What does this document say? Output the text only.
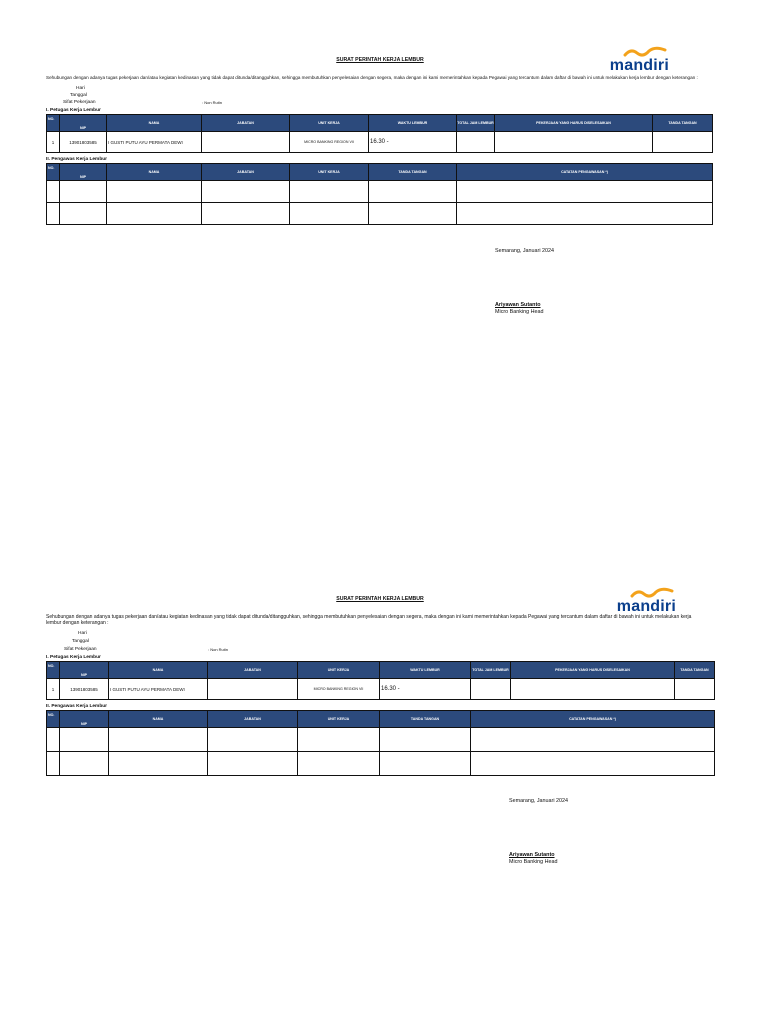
mandiri
SURAT PERINTAH KERJA LEMBUR
Sehubungan dengan adanya tugas pekerjaan dan/atau kegiatan kedinasan yang tidak dapat ditunda/ditangguhkan, sehingga membutuhkan penyelesaian dengan segera, maka dengan ini kami memerintahkan kepada Pegawai yang tercantum dalam daftar di bawah ini untuk melakukan kerja lembur dengan keterangan :
Hari
Tanggal
Sifat Pekerjaan	: Non Rutin
I. Petugas Kerja Lembur
NO.	NIP	NAMA	JABATAN	UNIT KERJA	WAKTU LEMBUR	TOTAL JAM LEMBUR	PEKERJAAN YANG HARUS DISELESAIKAN	TANDA TANGAN
1	13901803585	I GUSTI PUTU AYU PERMATA DEWI		MICRO BANKING REGION VII	16.30 -			
II. Pengawas Kerja Lembur
NO.	NIP	NAMA	JABATAN	UNIT KERJA	TANDA TANGAN	CATATAN PENGAWASAN *)

Semarang, Januari 2024
Ariyawan Sutanto
Micro Banking Head
mandiri
SURAT PERINTAH KERJA LEMBUR
Sehubungan dengan adanya tugas pekerjaan dan/atau kegiatan kedinasan yang tidak dapat ditunda/ditangguhkan, sehingga membutuhkan penyelesaian dengan segera, maka dengan ini kami memerintahkan kepada Pegawai yang tercantum dalam daftar di bawah ini untuk melakukan kerja lembur dengan keterangan :
Hari
Tanggal
Sifat Pekerjaan	: Non Rutin
I. Petugas Kerja Lembur
NO.	NIP	NAMA	JABATAN	UNIT KERJA	WAKTU LEMBUR	TOTAL JAM LEMBUR	PEKERJAAN YANG HARUS DISELESAIKAN	TANDA TANGAN
1	13901803585	I GUSTI PUTU AYU PERMATA DEWI		MICRO BANKING REGION VII	16.30 -			
II. Pengawas Kerja Lembur
NO.	NIP	NAMA	JABATAN	UNIT KERJA	TANDA TANGAN	CATATAN PENGAWASAN *)

Semarang, Januari 2024
Ariyawan Sutanto
Micro Banking Head
